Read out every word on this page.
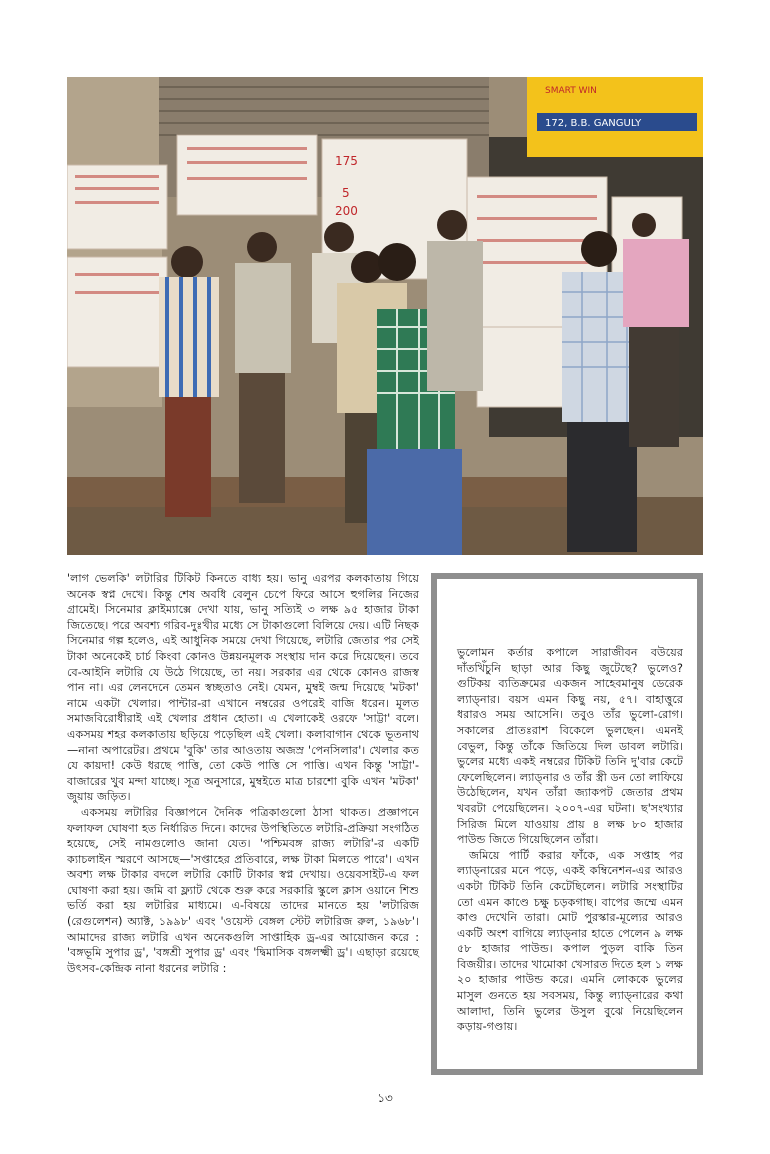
SMART WIN
172, B.B. GANGULY
175
5
200

'লাগ ভেলকি' লটারির টিকিট কিনতে বাধ্য হয়। ভানু এরপর কলকাতায় গিয়ে অনেক স্বপ্ন দেখে। কিন্তু শেষ অবধি বেলুন চেপে ফিরে আসে হুগলির নিজের গ্রামেই। সিনেমার ক্লাইম্যাক্সে দেখা যায়, ভানু সত্যিই ৩ লক্ষ ৯৫ হাজার টাকা জিতেছে। পরে অবশ্য গরিব-দুঃখীর মধ্যে সে টাকাগুলো বিলিয়ে দেয়। এটি নিছক সিনেমার গল্প হলেও, এই আধুনিক সময়ে দেখা গিয়েছে, লটারি জেতার পর সেই টাকা অনেকেই চার্চ কিংবা কোনও উন্নয়নমূলক সংস্থায় দান করে দিয়েছেন। তবে বে-আইনি লটারি যে উঠে গিয়েছে, তা নয়। সরকার এর থেকে কোনও রাজস্ব পান না। এর লেনদেনে তেমন স্বচ্ছতাও নেই। যেমন, মুম্বই জন্ম দিয়েছে 'মটকা' নামে একটা খেলার। পান্টার-রা এখানে নম্বরের ওপরেই বাজি ধরেন। মূলত সমাজবিরোধীরাই এই খেলার প্রধান হোতা। এ খেলাকেই ওরফে 'সাট্টা' বলে। একসময় শহর কলকাতায় ছড়িয়ে পড়েছিল এই খেলা। কলাবাগান থেকে ভূতনাথ—নানা অপারেটর। প্রথমে 'বুকি' তার আওতায় অজস্র 'পেনসিলার'। খেলার কত যে কায়দা! কেউ ধরছে পাত্তি, তো কেউ পাত্তি সে পাত্তি। এখন কিন্তু 'সাট্টা'-বাজারের খুব মন্দা যাচ্ছে। সূত্র অনুসারে, মুম্বইতে মাত্র চারশো বুকি এখন 'মটকা' জুয়ায় জড়িত।

একসময় লটারির বিজ্ঞাপনে দৈনিক পত্রিকাগুলো ঠাসা থাকত। প্রজ্ঞাপনে ফলাফল ঘোষণা হত নির্ধারিত দিনে। কাদের উপস্থিতিতে লটারি-প্রক্রিয়া সংগঠিত হয়েছে, সেই নামগুলোও জানা যেত। 'পশ্চিমবঙ্গ রাজ্য লটারি'-র একটি ক্যাচলাইন স্মরণে আসছে—'সপ্তাহের প্রতিবারে, লক্ষ টাকা মিলতে পারে'। এখন অবশ্য লক্ষ টাকার বদলে লটারি কোটি টাকার স্বপ্ন দেখায়। ওয়েবসাইট-এ ফল ঘোষণা করা হয়। জমি বা ফ্ল্যাট থেকে শুরু করে সরকারি স্কুলে ক্লাস ওয়ানে শিশু ভর্তি করা হয় লটারির মাধ্যমে। এ-বিষয়ে তাদের মানতে হয় 'লটারিজ (রেগুলেশন) অ্যাক্ট, ১৯৯৮' এবং 'ওয়েস্ট বেঙ্গল স্টেট লটারিজ রুল, ১৯৬৮'। আমাদের রাজ্য লটারি এখন অনেকগুলি সাপ্তাহিক ড্র-এর আয়োজন করে : 'বঙ্গভূমি সুপার ড্র', 'বঙ্গশ্রী সুপার ড্র' এবং 'দ্বিমাসিক বঙ্গলক্ষ্মী ড্র'। এছাড়া রয়েছে উৎসব-কেন্দ্রিক নানা ধরনের লটারি :

ভুলোমন কর্তার কপালে সারাজীবন বউয়ের দাঁতখিঁচুনি ছাড়া আর কিছু জুটেছে? ভুলেও? গুটিকয় ব্যতিক্রমের একজন সাহেবমানুষ ডেরেক ল্যাড্নার। বয়স এমন কিছু নয়, ৫৭। বাহাত্তুরে ধরারও সময় আসেনি। তবুও তাঁর ভুলো-রোগ। সকালের প্রাতঃরাশ বিকেলে ভুলছেন। এমনই বেভুল, কিন্তু তাঁকে জিতিয়ে দিল ডাবল লটারি। ভুলের মধ্যে একই নম্বরের টিকিট তিনি দু'বার কেটে ফেলেছিলেন। ল্যাড্নার ও তাঁর স্ত্রী ডন তো লাফিয়ে উঠেছিলেন, যখন তাঁরা জ্যাকপট জেতার প্রথম খবরটা পেয়েছিলেন। ২০০৭-এর ঘটনা। ছ'সংখ্যার সিরিজ মিলে যাওয়ায় প্রায় ৪ লক্ষ ৮০ হাজার পাউন্ড জিতে গিয়েছিলেন তাঁরা।

জমিয়ে পার্টি করার ফাঁকে, এক সপ্তাহ পর ল্যাড্নারের মনে পড়ে, একই কম্বিনেশন-এর আরও একটা টিকিট তিনি কেটেছিলেন। লটারি সংস্থাটির তো এমন কাণ্ডে চক্ষু চড়কগাছ। বাপের জম্মে এমন কাণ্ড দেখেনি তারা। মোট পুরস্কার-মূল্যের আরও একটি অংশ বাগিয়ে ল্যাড্নার হাতে পেলেন ৯ লক্ষ ৫৮ হাজার পাউন্ড। কপাল পুড়ল বাকি তিন বিজয়ীর। তাদের খামোকা খেসারত দিতে হল ১ লক্ষ ২০ হাজার পাউন্ড করে। এমনি লোককে ভুলের মাসুল গুনতে হয় সবসময়, কিন্তু ল্যাড্নারের কথা আলাদা, তিনি ভুলের উসুল বুঝে নিয়েছিলেন কড়ায়-গণ্ডায়।

১৩
